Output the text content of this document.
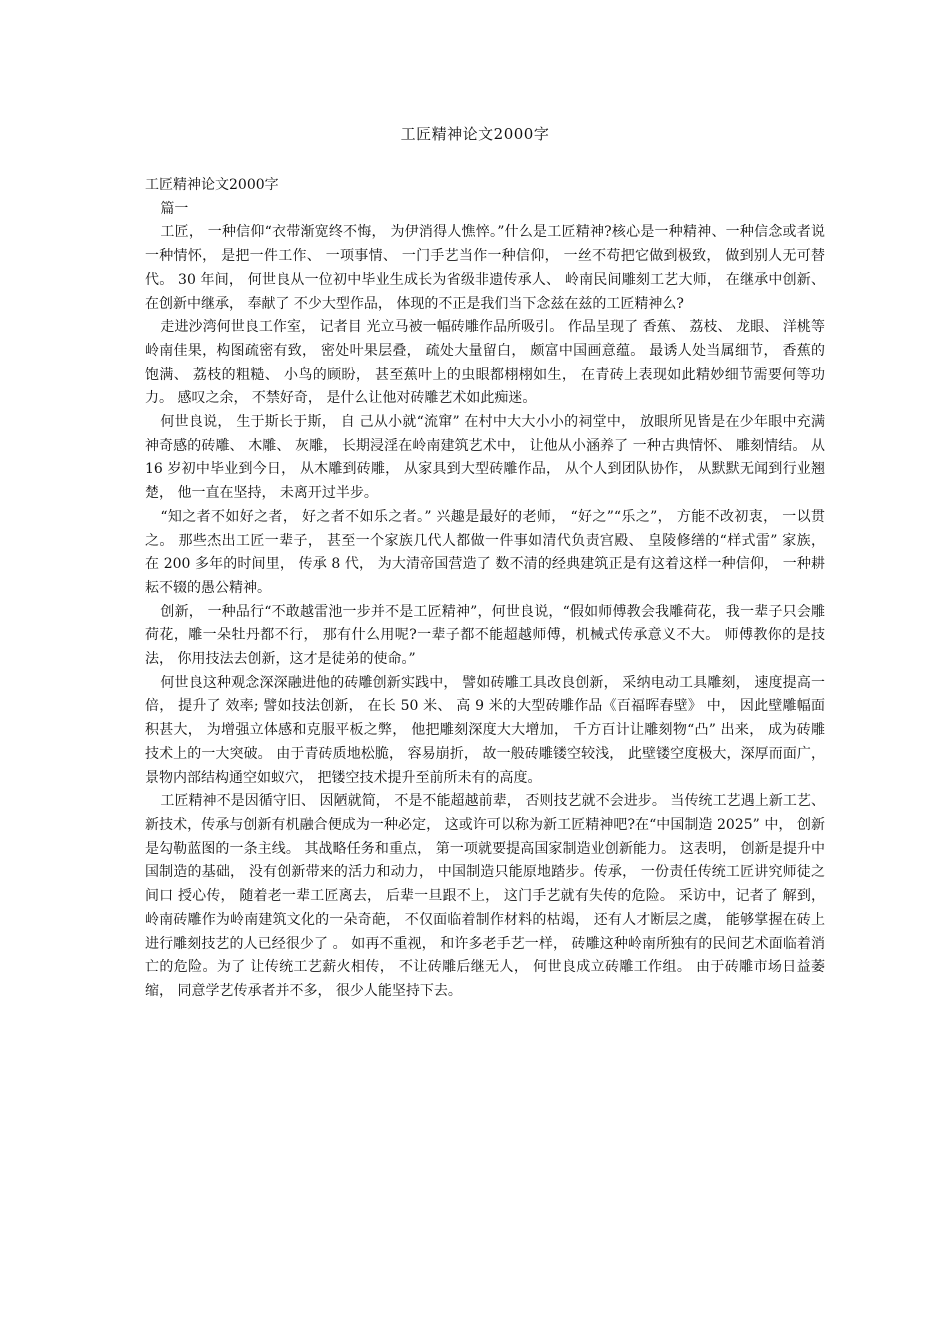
工匠精神论文2000字

工匠精神论文2000字

篇一

工匠， 一种信仰“衣带渐宽终不悔， 为伊消得人憔悴。”什么是工匠精神?核心是一种精神、一种信念或者说一种情怀， 是把一件工作、 一项事情、 一门手艺当作一种信仰， 一丝不苟把它做到极致， 做到别人无可替代。 30 年间， 何世良从一位初中毕业生成长为省级非遗传承人、 岭南民间雕刻工艺大师， 在继承中创新、 在创新中继承， 奉献了 不少大型作品， 体现的不正是我们当下念兹在兹的工匠精神么?

走进沙湾何世良工作室， 记者目 光立马被一幅砖雕作品所吸引。 作品呈现了 香蕉、 荔枝、 龙眼、 洋桃等岭南佳果，构图疏密有致， 密处叶果层叠， 疏处大量留白， 颇富中国画意蕴。 最诱人处当属细节， 香蕉的饱满、 荔枝的粗糙、 小鸟的顾盼， 甚至蕉叶上的虫眼都栩栩如生， 在青砖上表现如此精妙细节需要何等功力。 感叹之余， 不禁好奇， 是什么让他对砖雕艺术如此痴迷。

何世良说， 生于斯长于斯， 自 己从小就“流窜” 在村中大大小小的祠堂中， 放眼所见皆是在少年眼中充满神奇感的砖雕、 木雕、 灰雕， 长期浸淫在岭南建筑艺术中， 让他从小涵养了 一种古典情怀、 雕刻情结。 从 16 岁初中毕业到今日， 从木雕到砖雕， 从家具到大型砖雕作品， 从个人到团队协作， 从默默无闻到行业翘楚， 他一直在坚持， 未离开过半步。

“知之者不如好之者， 好之者不如乐之者。” 兴趣是最好的老师， “好之”“乐之”， 方能不改初衷， 一以贯之。 那些杰出工匠一辈子， 甚至一个家族几代人都做一件事如清代负责宫殿、 皇陵修缮的“样式雷” 家族， 在 200 多年的时间里， 传承 8 代， 为大清帝国营造了 数不清的经典建筑正是有这着这样一种信仰， 一种耕耘不辍的愚公精神。

创新， 一种品行“不敢越雷池一步并不是工匠精神”，何世良说，“假如师傅教会我雕荷花，我一辈子只会雕荷花，雕一朵牡丹都不行， 那有什么用呢?一辈子都不能超越师傅，机械式传承意义不大。 师傅教你的是技法， 你用技法去创新，这才是徒弟的使命。”

何世良这种观念深深融进他的砖雕创新实践中， 譬如砖雕工具改良创新， 采纳电动工具雕刻， 速度提高一倍， 提升了 效率; 譬如技法创新， 在长 50 米、 高 9 米的大型砖雕作品《百福晖春壁》 中， 因此壁雕幅面积甚大， 为增强立体感和克服平板之弊， 他把雕刻深度大大增加， 千方百计让雕刻物“凸” 出来， 成为砖雕技术上的一大突破。 由于青砖质地松脆， 容易崩折， 故一般砖雕镂空较浅， 此壁镂空度极大，深厚而面广， 景物内部结构通空如蚁穴， 把镂空技术提升至前所未有的高度。

工匠精神不是因循守旧、 因陋就简， 不是不能超越前辈， 否则技艺就不会进步。 当传统工艺遇上新工艺、 新技术，传承与创新有机融合便成为一种必定， 这或许可以称为新工匠精神吧?在“中国制造 2025” 中， 创新是勾勒蓝图的一条主线。 其战略任务和重点， 第一项就要提高国家制造业创新能力。 这表明， 创新是提升中国制造的基础， 没有创新带来的活力和动力， 中国制造只能原地踏步。传承， 一份责任传统工匠讲究师徒之间口 授心传， 随着老一辈工匠离去， 后辈一旦跟不上， 这门手艺就有失传的危险。 采访中，记者了 解到， 岭南砖雕作为岭南建筑文化的一朵奇葩， 不仅面临着制作材料的枯竭， 还有人才断层之虞， 能够掌握在砖上进行雕刻技艺的人已经很少了 。 如再不重视， 和许多老手艺一样， 砖雕这种岭南所独有的民间艺术面临着消亡的危险。为了 让传统工艺薪火相传， 不让砖雕后继无人， 何世良成立砖雕工作组。 由于砖雕市场日益萎缩， 同意学艺传承者并不多， 很少人能坚持下去。
